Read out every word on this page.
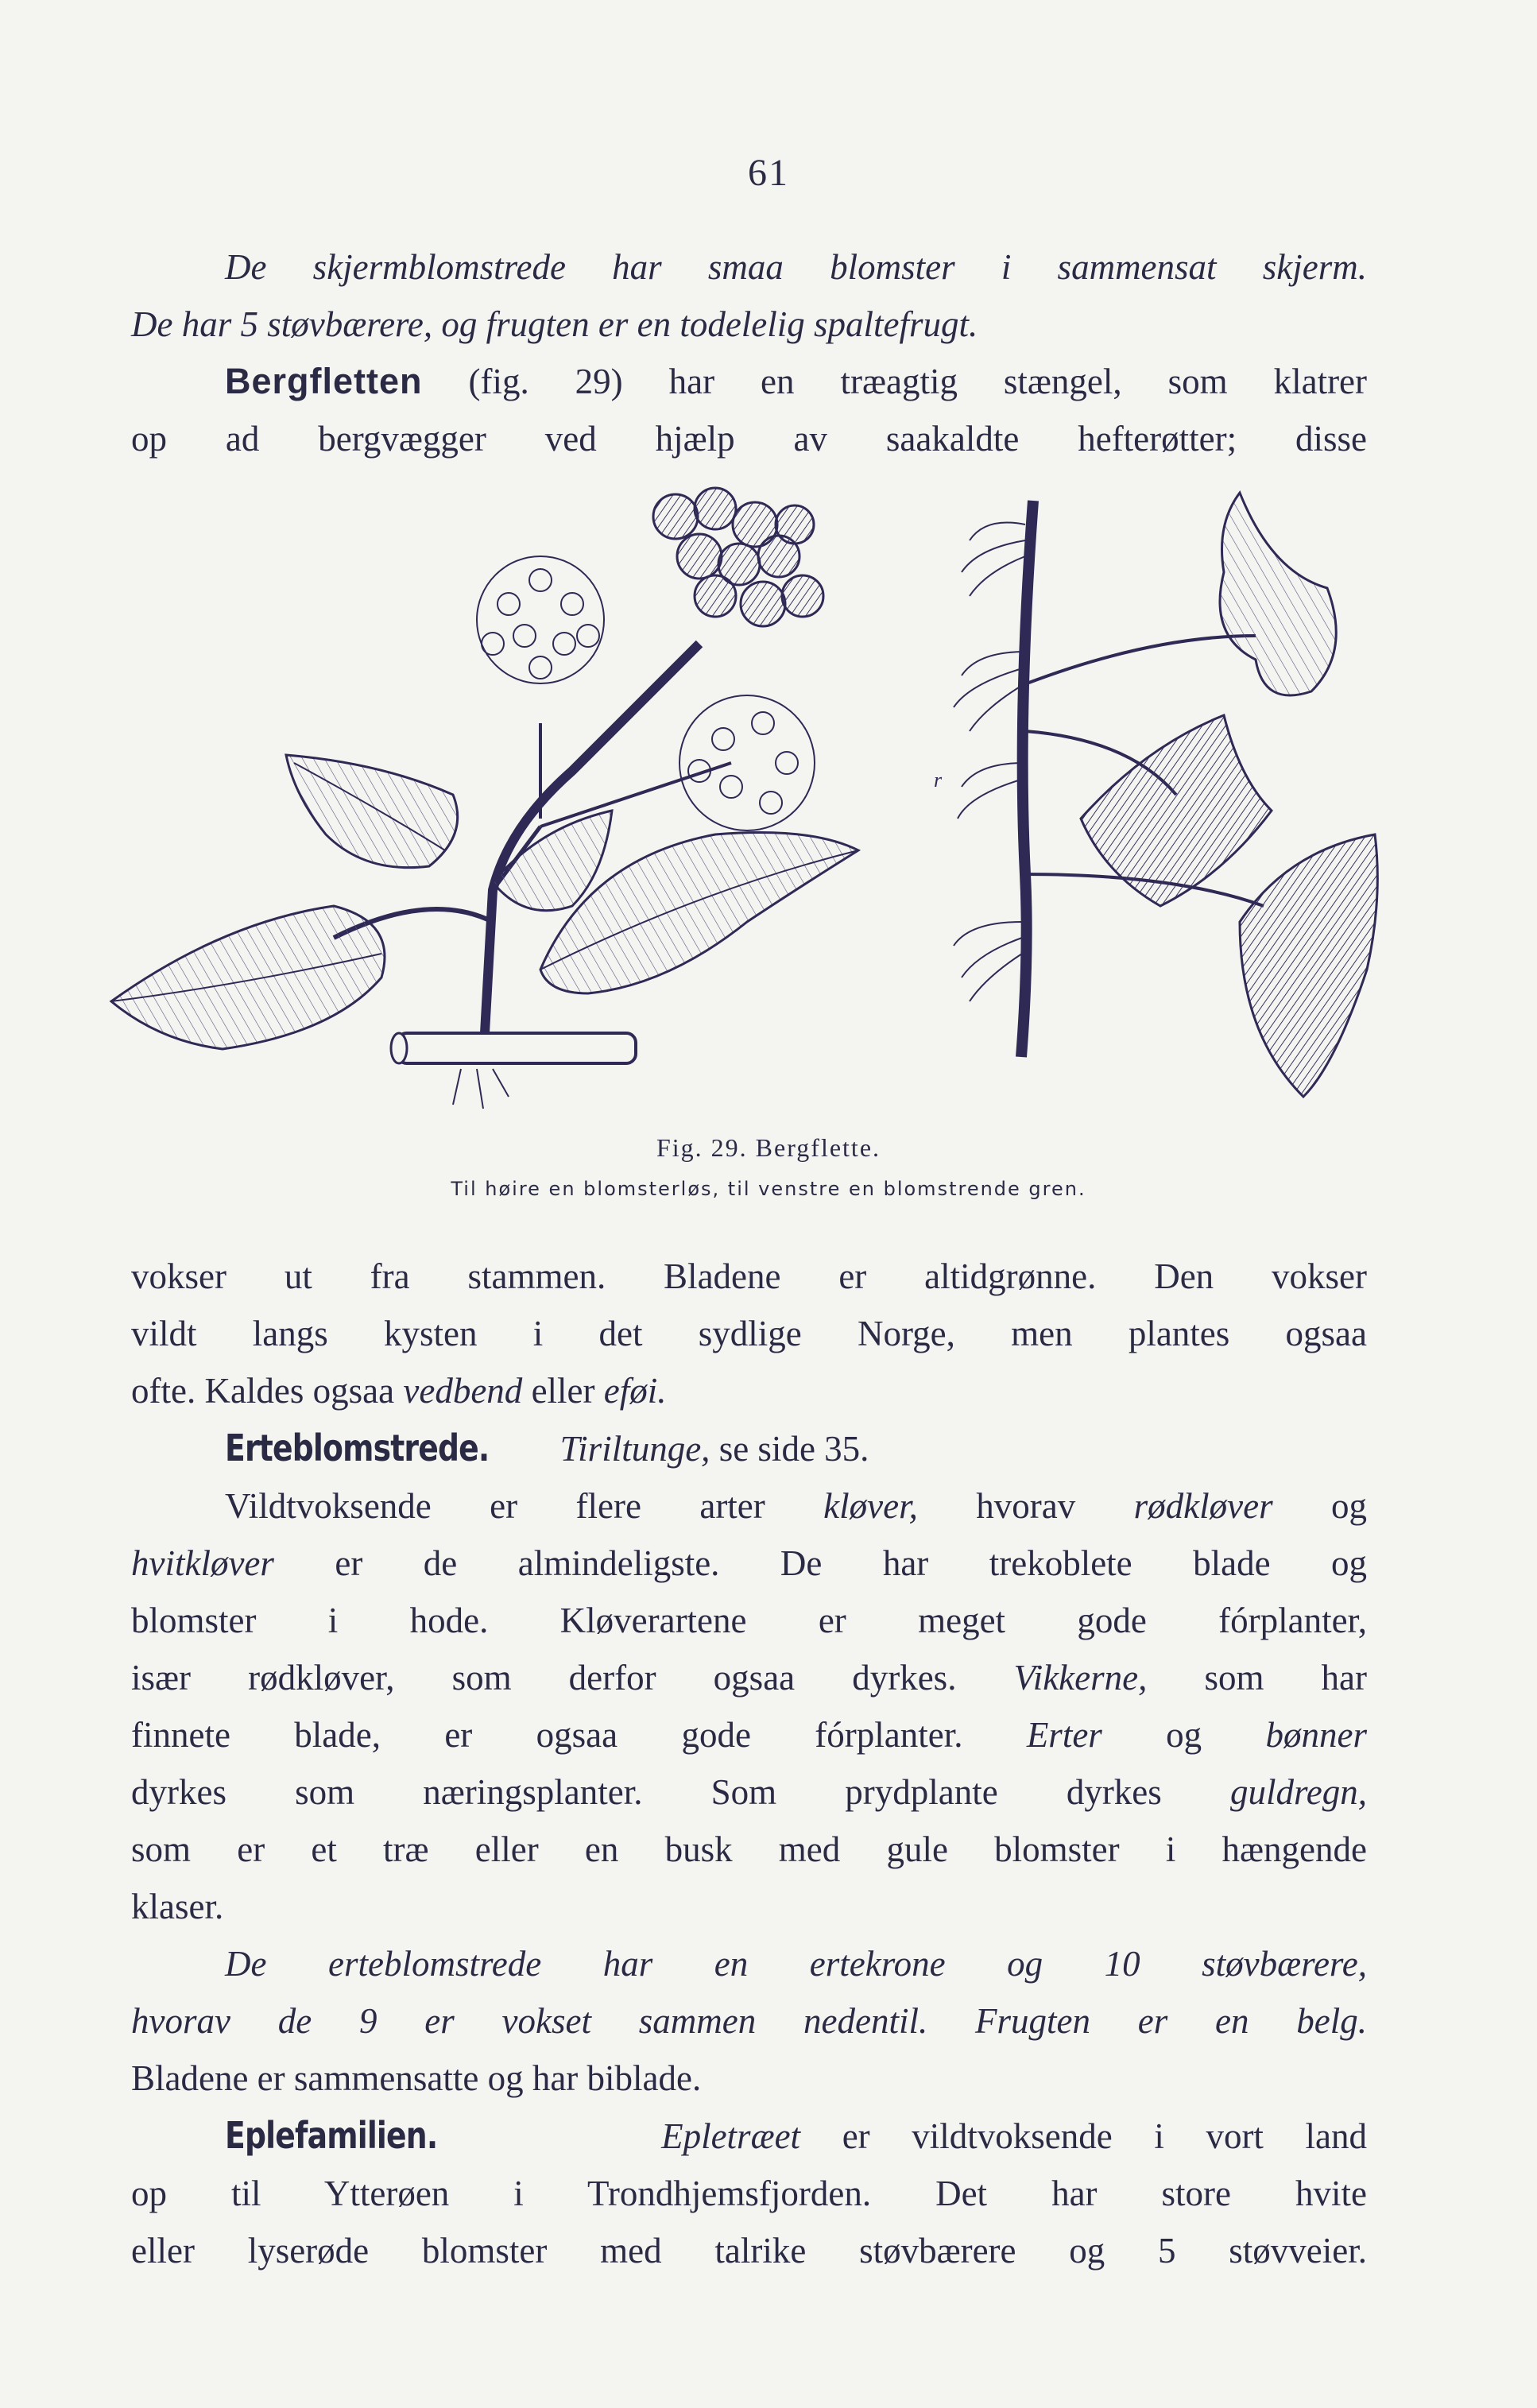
61
De skjermblomstrede har smaa blomster i sammensat skjerm.
De har 5 støvbærere, og frugten er en todelelig spaltefrugt.
Bergfletten (fig. 29) har en træagtig stængel, som klatrer
op ad bergvægger ved hjælp av saakaldte hefterøtter; disse
r
Fig. 29. Bergflette.
Til høire en blomsterløs, til venstre en blomstrende gren.
vokser ut fra stammen. Bladene er altidgrønne. Den vokser
vildt langs kysten i det sydlige Norge, men plantes ogsaa
ofte. Kaldes ogsaa vedbend eller eføi.
Erteblomstrede. Tiriltunge, se side 35.
Vildtvoksende er flere arter kløver, hvorav rødkløver og
hvitkløver er de almindeligste. De har trekoblete blade og
blomster i hode. Kløverartene er meget gode fórplanter,
især rødkløver, som derfor ogsaa dyrkes. Vikkerne, som har
finnete blade, er ogsaa gode fórplanter. Erter og bønner
dyrkes som næringsplanter. Som prydplante dyrkes guldregn,
som er et træ eller en busk med gule blomster i hængende
klaser.
De erteblomstrede har en ertekrone og 10 støvbærere,
hvorav de 9 er vokset sammen nedentil. Frugten er en belg.
Bladene er sammensatte og har biblade.
Eplefamilien.	Epletræet er vildtvoksende i vort land
op til Ytterøen i Trondhjemsfjorden. Det har store hvite
eller lyserøde blomster med talrike støvbærere og 5 støvveier.
